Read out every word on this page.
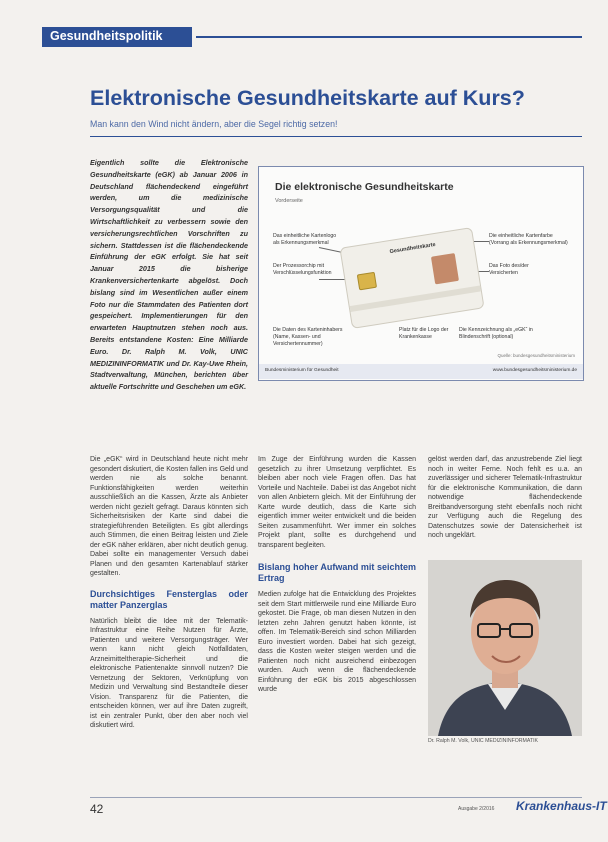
Gesundheitspolitik
Elektronische Gesundheitskarte auf Kurs?
Man kann den Wind nicht ändern, aber die Segel richtig setzen!
Eigentlich sollte die Elektronische Gesundheitskarte (eGK) ab Januar 2006 in Deutschland flächendeckend eingeführt werden, um die medizinische Versorgungsqualität und die Wirtschaftlichkeit zu verbessern sowie den versicherungsrechtlichen Vorschriften zu sichern. Stattdessen ist die flächendeckende Einführung der eGK erfolgt. Sie hat seit Januar 2015 die bisherige Krankenversichertenkarte abgelöst. Doch bislang sind im Wesentlichen außer einem Foto nur die Stammdaten des Patienten dort gespeichert. Implementierungen für den erwarteten Hauptnutzen stehen noch aus. Bereits entstandene Kosten: Eine Milliarde Euro. Dr. Ralph M. Volk, UNIC MEDIZININFORMATIK und Dr. Kay-Uwe Rhein, Stadtverwaltung, München, berichten über aktuelle Fortschritte und Geschehen um eGK.
Die elektronische Gesundheitskarte
Vorderseite
Das einheitliche Kartenlogo als Erkennungsmerkmal
Der Prozessorchip mit Verschlüsselungsfunktion
Die Daten des Karteninhabers (Name, Kassen- und Versichertennummer)
Platz für die Logo der Krankenkasse
Die Kennzeichnung als „eGK“ in Blindenschrift (optional)
Die einheitliche Kartenfarbe (Vorrang als Erkennungsmerkmal)
Das Foto des/der Versicherten
Gesundheitskarte
Quelle: bundesgesundheitsministerium
Bundesministerium für Gesundheit	www.bundesgesundheitsministerium.de

Die „eGK“ wird in Deutschland heute nicht mehr gesondert diskutiert, die Kosten fallen ins Geld und werden nie als solche benannt. Funktionsfähigkeiten werden weiterhin ausschließlich an die Kassen, Ärzte als Anbieter werden nicht gezielt gefragt. Daraus könnten sich Sicherheitsrisiken der Karte sind dabei die strategieführenden Beteiligten. Es gibt allerdings auch Stimmen, die einen Beitrag leisten und Ziele der eGK näher erklären, aber nicht deutlich genug. Dabei sollte ein managementer Versuch dabei Planen und den gesamten Kartenablauf stärker gestalten.

Durchsichtiges Fensterglas oder matter Panzerglas

Natürlich bleibt die Idee mit der Telematik-Infrastruktur eine Reihe Nutzen für Ärzte, Patienten und weitere Versorgungsträger. Wer wenn kann nicht gleich Notfalldaten, Arzneimitteltherapie-Sicherheit und die elektronische Patientenakte sinnvoll nutzen? Die Vernetzung der Sektoren, Verknüpfung von Medizin und Verwaltung sind Bestandteile dieser Vision. Transparenz für die Patienten, die entscheiden können, wer auf ihre Daten zugreift, ist ein zentraler Punkt, über den aber noch viel diskutiert wird.

Im Zuge der Einführung wurden die Kassen gesetzlich zu ihrer Umsetzung verpflichtet. Es bleiben aber noch viele Fragen offen. Das hat Vorteile und Nachteile. Dabei ist das Angebot nicht von allen Anbietern gleich. Mit der Einführung der Karte wurde deutlich, dass die Karte sich eigentlich immer weiter entwickelt und die beiden Seiten zusammenführt. Wer immer ein solches Projekt plant, sollte es durchgehend und transparent begleiten.

Bislang hoher Aufwand mit seichtem Ertrag

Medien zufolge hat die Entwicklung des Projektes seit dem Start mittlerweile rund eine Milliarde Euro gekostet. Die Frage, ob man diesen Nutzen in den letzten zehn Jahren genutzt haben könnte, ist offen. Im Telematik-Bereich sind schon Milliarden Euro investiert worden. Dabei hat sich gezeigt, dass die Kosten weiter steigen werden und die Patienten noch nicht ausreichend einbezogen wurden. Auch wenn die flächendeckende Einführung der eGK bis 2015 abgeschlossen wurde

gelöst werden darf, das anzustrebende Ziel liegt noch in weiter Ferne. Noch fehlt es u.a. an zuverlässiger und sicherer Telematik-Infrastruktur für die elektronische Kommunikation, die dann notwendige flächendeckende Breitbandversorgung steht ebenfalls noch nicht zur Verfügung auch die Regelung des Datenschutzes sowie der Datensicherheit ist noch ungeklärt.

Dr. Ralph M. Volk, UNIC MEDIZININFORMATIK
42	Ausgabe 2/2016 Krankenhaus-IT
